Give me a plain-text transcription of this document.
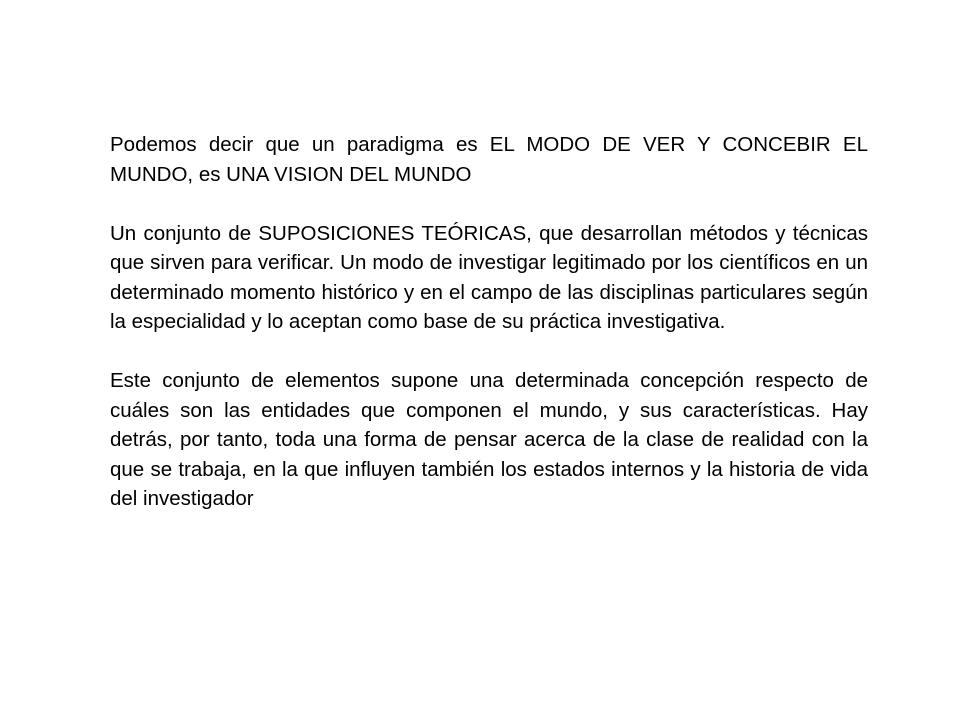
Podemos decir que un paradigma es EL MODO DE VER Y CONCEBIR EL MUNDO, es UNA VISION DEL MUNDO

Un conjunto de SUPOSICIONES TEÓRICAS, que desarrollan métodos y técnicas que sirven para verificar. Un modo de investigar legitimado por los científicos en un determinado momento histórico y en el campo de las disciplinas particulares según la especialidad y lo aceptan como base de su práctica investigativa.

Este conjunto de elementos supone una determinada concepción respecto de cuáles son las entidades que componen el mundo, y sus características. Hay detrás, por tanto, toda una forma de pensar acerca de la clase de realidad con la que se trabaja, en la que influyen también los estados internos y la historia de vida del investigador
